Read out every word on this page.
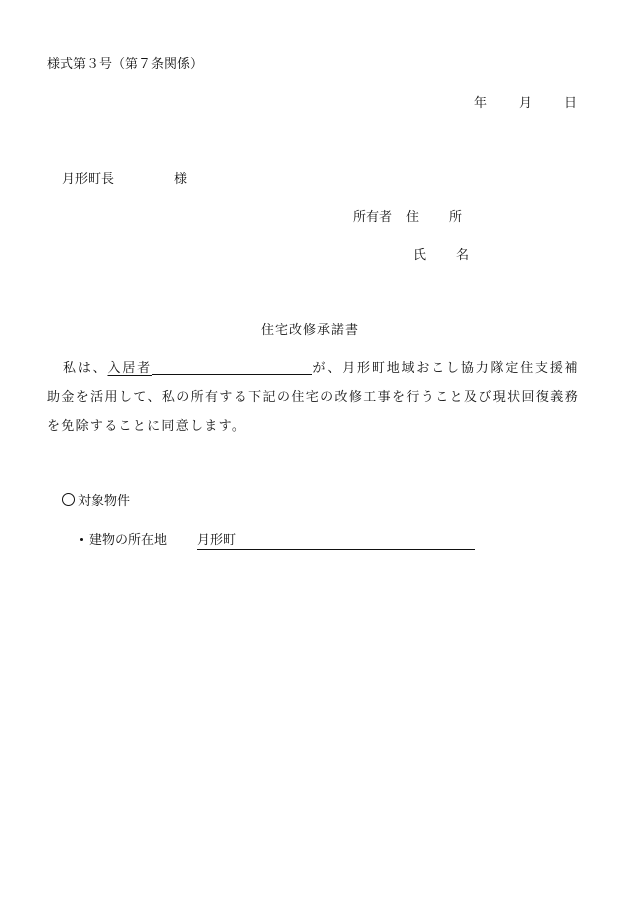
様式第３号（第７条関係）
年 月 日
月形町長	様
所有者 住 所
氏 名
住宅改修承諾書
私は、入居者	が、月形町地域おこし協力隊定住支援補助金を活用して、私の所有する下記の住宅の改修工事を行うこと及び現状回復義務を免除することに同意します。
対象物件
建物の所在地 月形町
